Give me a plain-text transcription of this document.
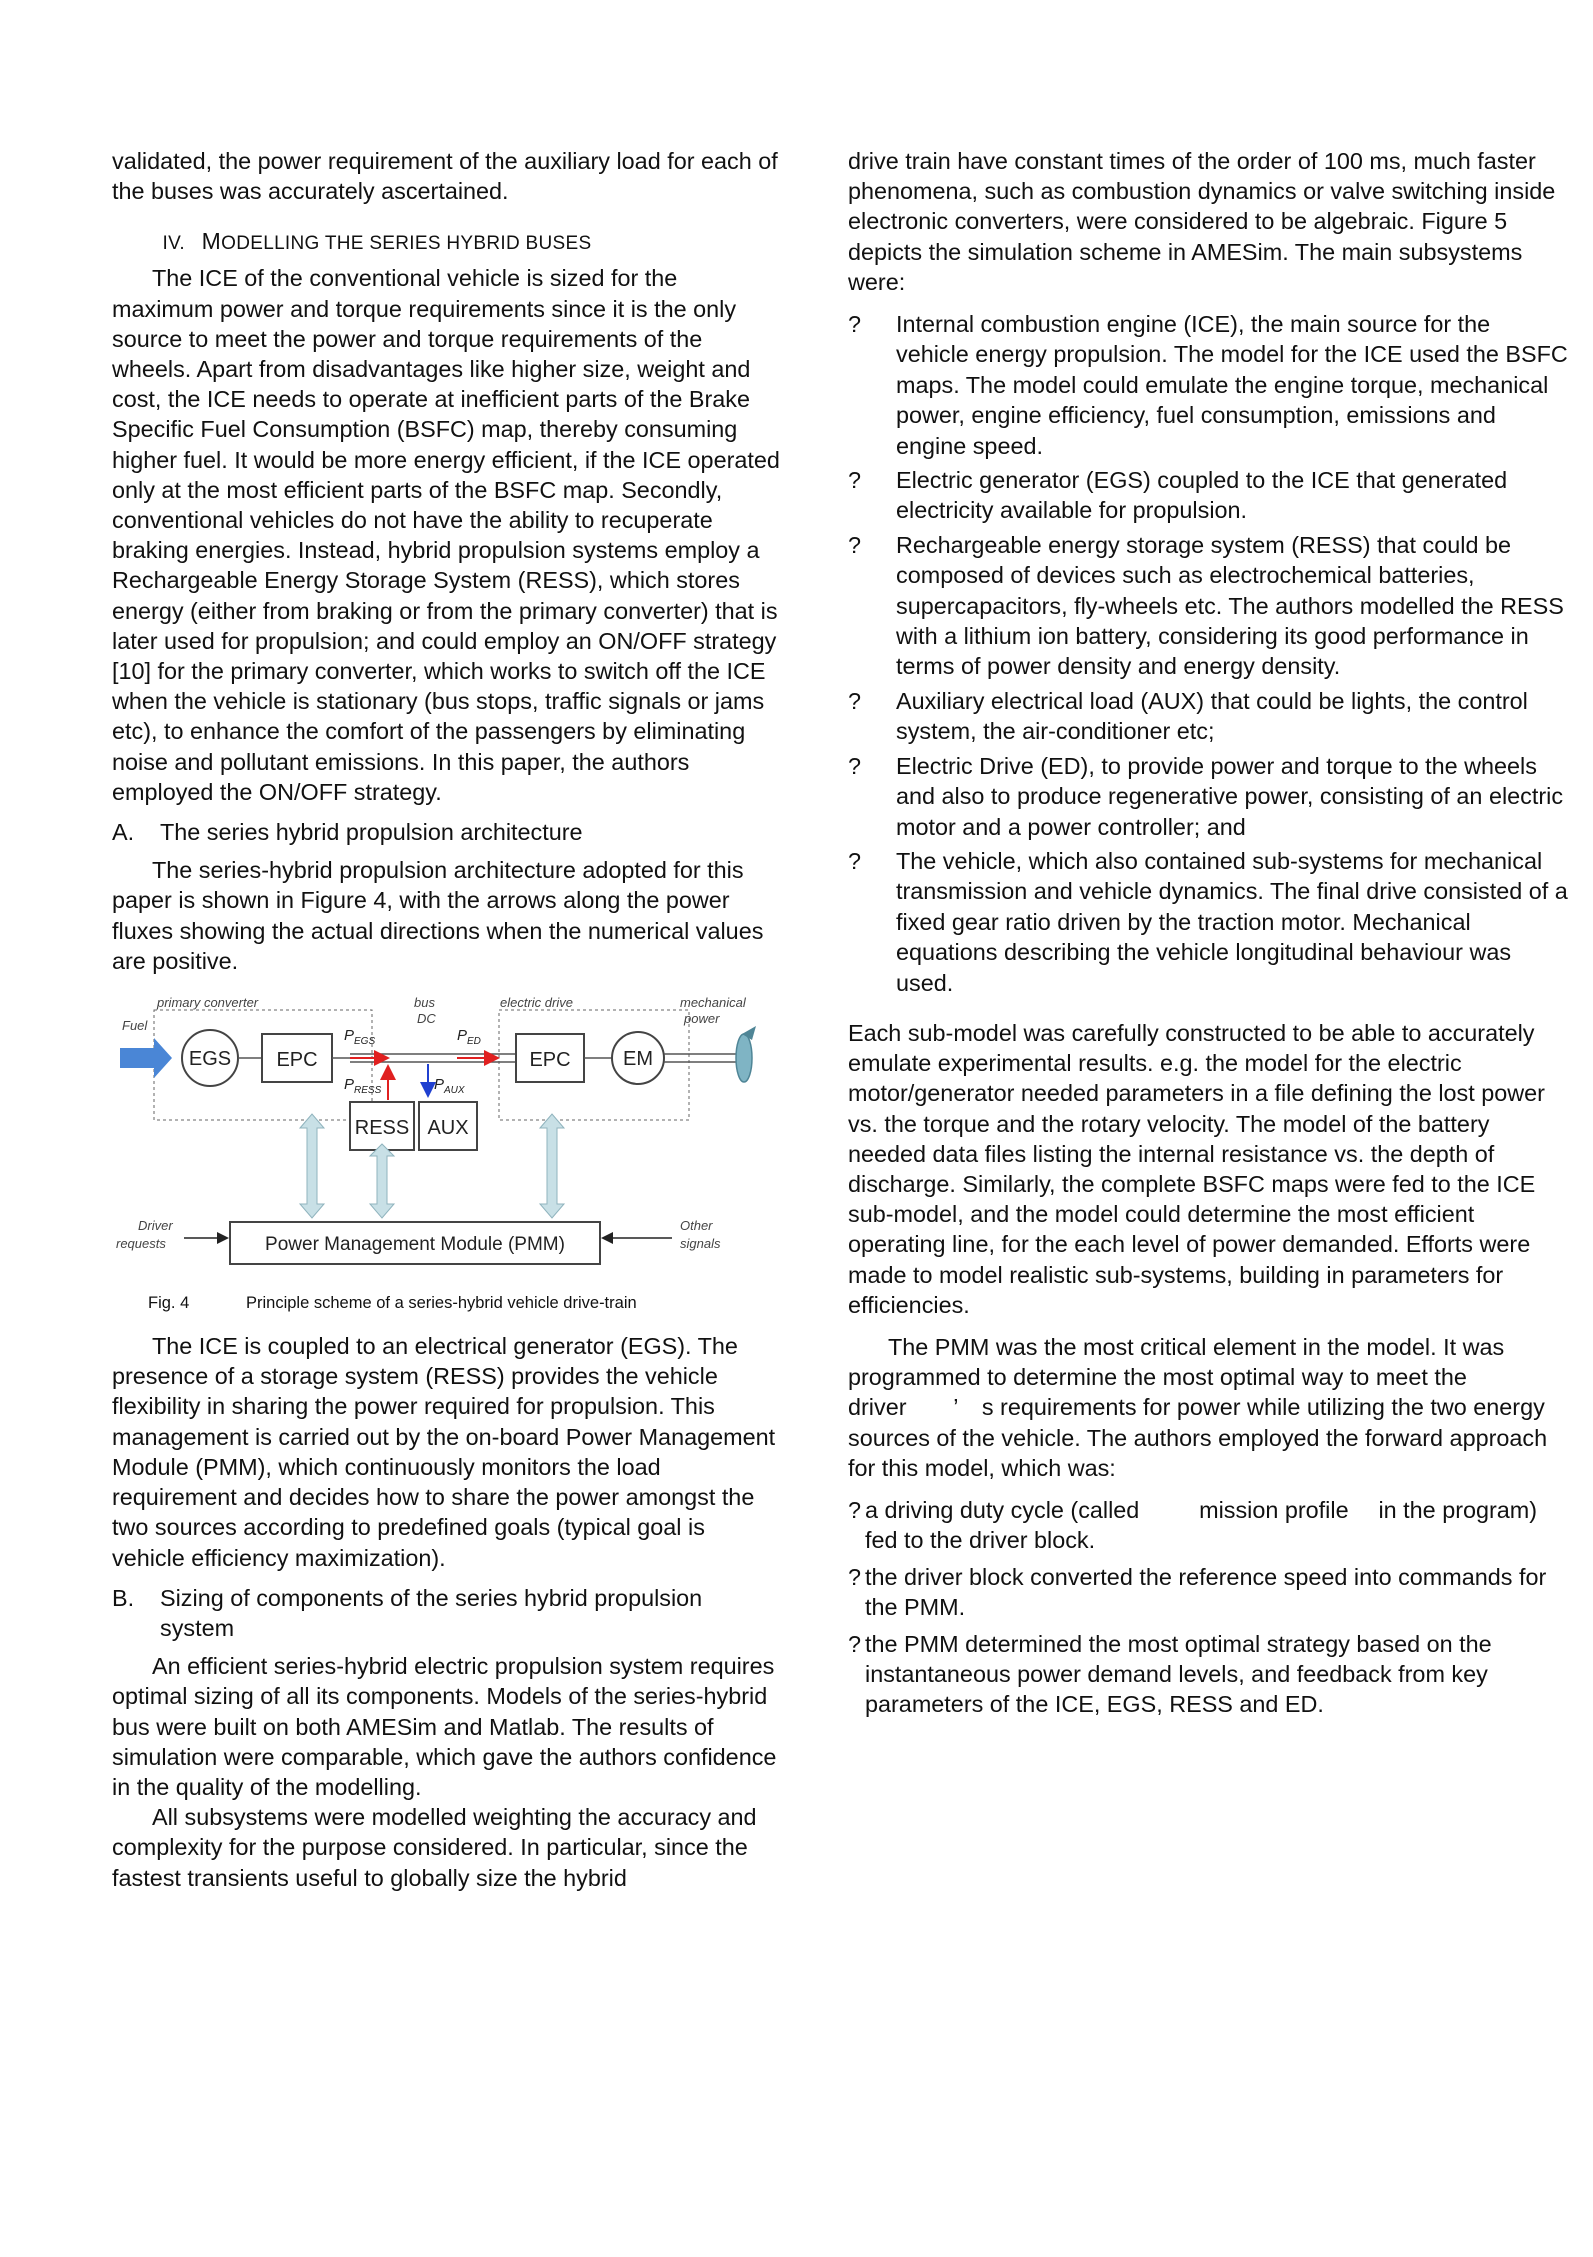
validated, the power requirement of the auxiliary load for each of the buses was accurately ascertained.

IV. MODELLING THE SERIES HYBRID BUSES

The ICE of the conventional vehicle is sized for the maximum power and torque requirements since it is the only source to meet the power and torque requirements of the wheels. Apart from disadvantages like higher size, weight and cost, the ICE needs to operate at inefficient parts of the Brake Specific Fuel Consumption (BSFC) map, thereby consuming higher fuel. It would be more energy efficient, if the ICE operated only at the most efficient parts of the BSFC map. Secondly, conventional vehicles do not have the ability to recuperate braking energies. Instead, hybrid propulsion systems employ a Rechargeable Energy Storage System (RESS), which stores energy (either from braking or from the primary converter) that is later used for propulsion; and could employ an ON/OFF strategy [10] for the primary converter, which works to switch off the ICE when the vehicle is stationary (bus stops, traffic signals or jams etc), to enhance the comfort of the passengers by eliminating noise and pollutant emissions. In this paper, the authors employed the ON/OFF strategy.

A.	The series hybrid propulsion architecture

The series-hybrid propulsion architecture adopted for this paper is shown in Figure 4, with the arrows along the power fluxes showing the actual directions when the numerical values are positive.

primary converter	bus
DC
electric drive	mechanical
power
Fuel
EGS EPC
$P_{EGS}$	$P_{ED}$
EPC	EM
$P_{RESS}$	$P_{AUX}$
RESS AUX
Power Management Module (PMM)
Driver
requests
Other
signals
Fig. 4	Principle scheme of a series-hybrid vehicle drive-train

The ICE is coupled to an electrical generator (EGS). The presence of a storage system (RESS) provides the vehicle flexibility in sharing the power required for propulsion. This management is carried out by the on-board Power Management Module (PMM), which continuously monitors the load requirement and decides how to share the power amongst the two sources according to predefined goals (typical goal is vehicle efficiency maximization).

B.	Sizing of components of the series hybrid propulsion system

An efficient series-hybrid electric propulsion system requires optimal sizing of all its components. Models of the series-hybrid bus were built on both AMESim and Matlab. The results of simulation were comparable, which gave the authors confidence in the quality of the modelling.

All subsystems were modelled weighting the accuracy and complexity for the purpose considered. In particular, since the fastest transients useful to globally size the hybrid

drive train have constant times of the order of 100 ms, much faster phenomena, such as combustion dynamics or valve switching inside electronic converters, were considered to be algebraic. Figure 5 depicts the simulation scheme in AMESim. The main subsystems were:

?	Internal combustion engine (ICE), the main source for the vehicle energy propulsion. The model for the ICE used the BSFC maps. The model could emulate the engine torque, mechanical power, engine efficiency, fuel consumption, emissions and engine speed.
?	Electric generator (EGS) coupled to the ICE that generated electricity available for propulsion.
?	Rechargeable energy storage system (RESS) that could be composed of devices such as electrochemical batteries, supercapacitors, fly-wheels etc. The authors modelled the RESS with a lithium ion battery, considering its good performance in terms of power density and energy density.
?	Auxiliary electrical load (AUX) that could be lights, the control system, the air-conditioner etc;
?	Electric Drive (ED), to provide power and torque to the wheels and also to produce regenerative power, consisting of an electric motor and a power controller; and
?	The vehicle, which also contained sub-systems for mechanical transmission and vehicle dynamics. The final drive consisted of a fixed gear ratio driven by the traction motor. Mechanical equations describing the vehicle longitudinal behaviour was used.

Each sub-model was carefully constructed to be able to accurately emulate experimental results. e.g. the model for the electric motor/generator needed parameters in a file defining the lost power vs. the torque and the rotary velocity. The model of the battery needed data files listing the internal resistance vs. the depth of discharge. Similarly, the complete BSFC maps were fed to the ICE sub-model, and the model could determine the most efficient operating line, for the each level of power demanded. Efforts were made to model realistic sub-systems, building in parameters for efficiencies.

The PMM was the most critical element in the model. It was programmed to determine the most optimal way to meet the driver  ’ s requirements for power while utilizing the two energy sources of the vehicle. The authors employed the forward approach for this model, which was:

? a driving duty cycle (called    mission profile  in the program) fed to the driver block.
? the driver block converted the reference speed into commands for the PMM.
? the PMM determined the most optimal strategy based on the instantaneous power demand levels, and feedback from key parameters of the ICE, EGS, RESS and ED.
